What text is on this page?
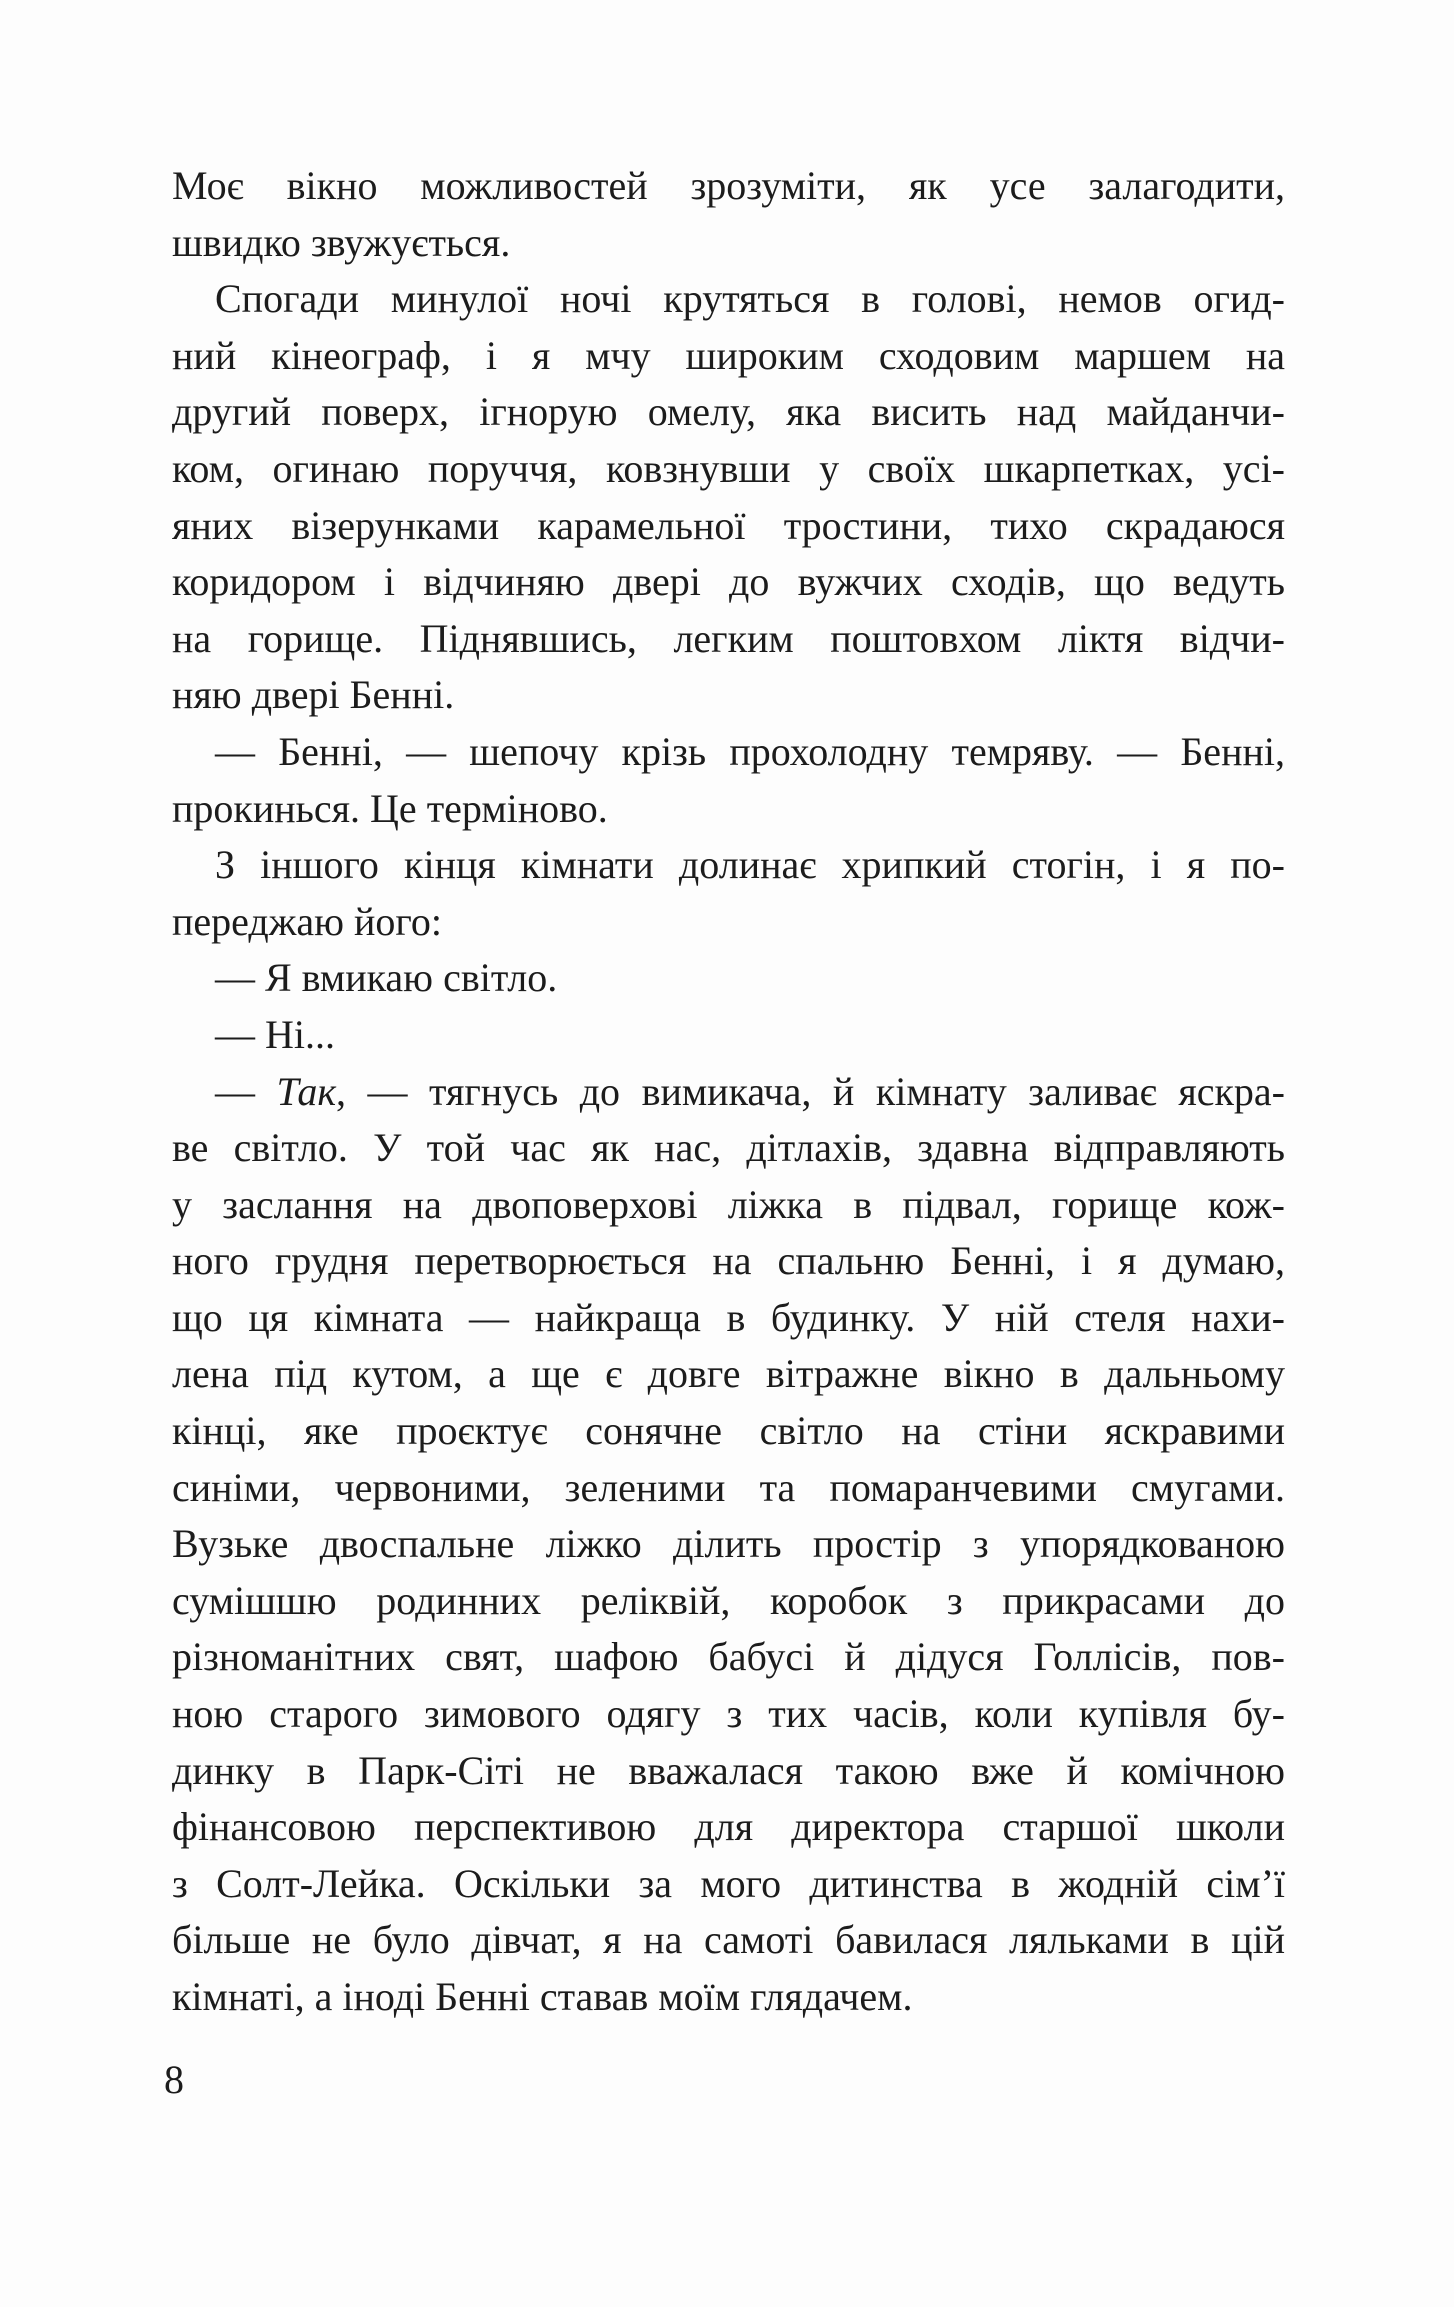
Моє вікно можливостей зрозуміти, як усе залагодити,
швидко звужується.
Спогади минулої ночі крутяться в голові, немов огид-
ний кінеограф, і я мчу широким сходовим маршем на
другий поверх, ігнорую омелу, яка висить над майданчи-
ком, огинаю поруччя, ковзнувши у своїх шкарпетках, усі-
яних візерунками карамельної тростини, тихо скрадаюся
коридором і відчиняю двері до вужчих сходів, що ведуть
на горище. Піднявшись, легким поштовхом ліктя відчи-
няю двері Бенні.
— Бенні, — шепочу крізь прохолодну темряву. — Бенні,
прокинься. Це терміново.
З іншого кінця кімнати долинає хрипкий стогін, і я по-
переджаю його:
— Я вмикаю світло.
— Ні...
— Так, — тягнусь до вимикача, й кімнату заливає яскра-
ве світло. У той час як нас, дітлахів, здавна відправляють
у заслання на двоповерхові ліжка в підвал, горище кож-
ного грудня перетворюється на спальню Бенні, і я думаю,
що ця кімната — найкраща в будинку. У ній стеля нахи-
лена під кутом, а ще є довге вітражне вікно в дальньому
кінці, яке проєктує сонячне світло на стіни яскравими
синіми, червоними, зеленими та помаранчевими смугами.
Вузьке двоспальне ліжко ділить простір з упорядкованою
сумішшю родинних реліквій, коробок з прикрасами до
різноманітних свят, шафою бабусі й дідуся Голлісів, пов-
ною старого зимового одягу з тих часів, коли купівля бу-
динку в Парк-Сіті не вважалася такою вже й комічною
фінансовою перспективою для директора старшої школи
з Солт-Лейка. Оскільки за мого дитинства в жодній сім’ї
більше не було дівчат, я на самоті бавилася ляльками в цій
кімнаті, а іноді Бенні ставав моїм глядачем.
8
